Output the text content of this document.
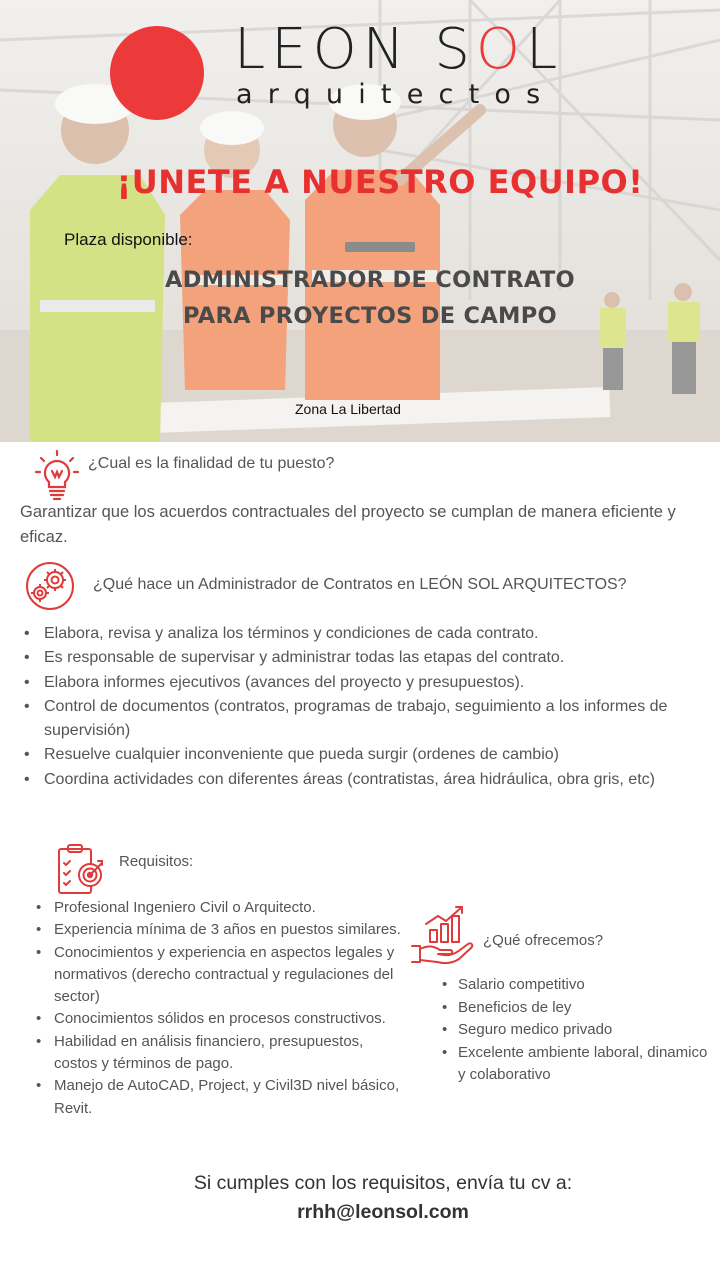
LEON SOL
arquitectos
¡UNETE A NUESTRO EQUIPO!
Plaza disponible:
ADMINISTRADOR DE CONTRATO
PARA PROYECTOS DE CAMPO
Zona La Libertad
¿Cual es la finalidad de tu puesto?
Garantizar que los acuerdos contractuales del proyecto se cumplan de manera eficiente y eficaz.
¿Qué hace un Administrador de Contratos en LEÓN SOL ARQUITECTOS?
• Elabora, revisa y analiza los términos y condiciones de cada contrato.
• Es responsable de supervisar y administrar todas las etapas del contrato.
• Elabora informes ejecutivos (avances del proyecto y presupuestos).
• Control de documentos (contratos, programas de trabajo, seguimiento a los informes de supervisión)
• Resuelve cualquier inconveniente que pueda surgir (ordenes de cambio)
• Coordina actividades con diferentes áreas (contratistas, área hidráulica, obra gris, etc)
Requisitos:
• Profesional Ingeniero Civil o Arquitecto.
• Experiencia mínima de 3 años en puestos similares.
• Conocimientos y experiencia en aspectos legales y normativos (derecho contractual y regulaciones del sector)
• Conocimientos sólidos en procesos constructivos.
• Habilidad en análisis financiero, presupuestos, costos y términos de pago.
• Manejo de AutoCAD, Project, y Civil3D nivel básico, Revit.
¿Qué ofrecemos?
• Salario competitivo
• Beneficios de ley
• Seguro medico privado
• Excelente ambiente laboral, dinamico y colaborativo
Si cumples con los requisitos, envía tu cv a:
rrhh@leonsol.com
